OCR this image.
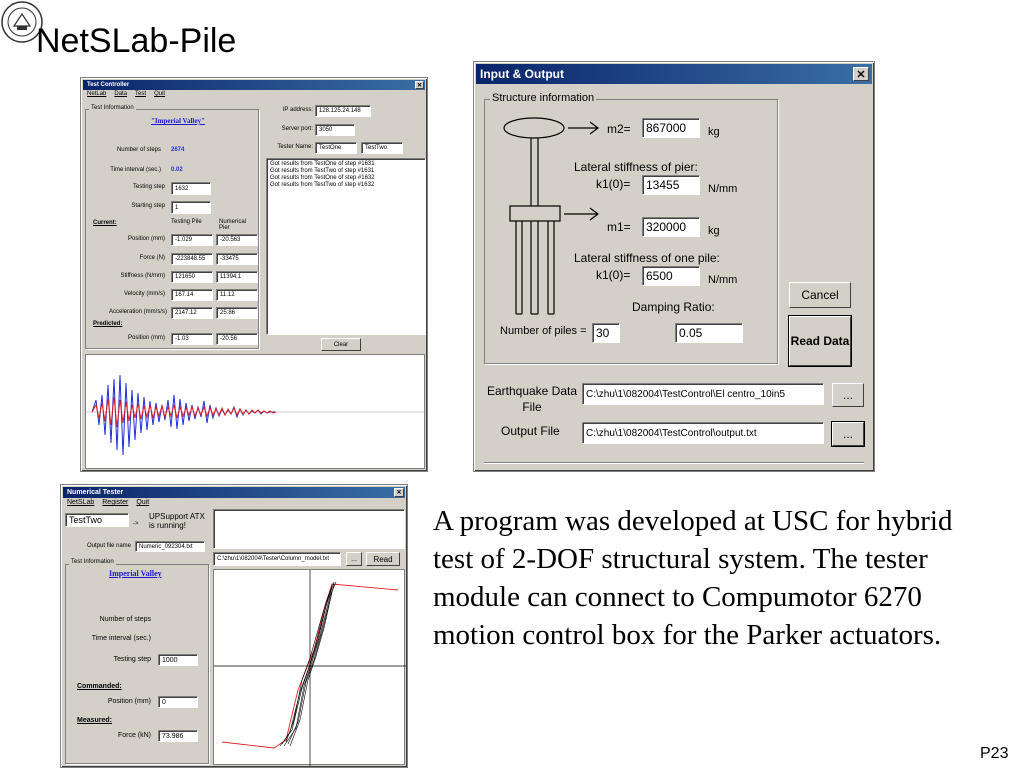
NetSLab-Pile
Test Controller	✕
NetLab Data Test Quit
Test Information
"Imperial Valley"
Number of steps 2674
Time interval (sec.) 0.02
Testing step	1632
Starting step	1
Current:	Testing Pile	Numerical Pier
Position (mm)	-1.029	-20.563
Force (N)	-223848.55	-33475
Stiffness (N/mm)	121650	11394.1
Velocity (mm/s)	167.14	11.12
Acceleration (mm/s/s)	2147.12	25.86
Predicted:
Position (mm)	-1.03	-20.56
IP address:	128.125.24.148
Server port:	3050
Tester Name:	TestOne	TestTwo
Got results from TestOne of step #1631
Got results from TestTwo of step #1631
Got results from TestOne of step #1632
Got results from TestTwo of step #1632
Clear
Input & Output	✕
Structure information
m2=	867000	kg
Lateral stiffness of pier:
k1(0)=	13455	N/mm
m1=	320000	kg
Lateral stiffness of one pile:
k1(0)=	6500	N/mm
Damping Ratio:
Number of piles = 30	0.05
Cancel
Read Data
Earthquake Data File
C:\zhu\1\082004\TestControl\El centro_10in5	...
Output File	C:\zhu\1\082004\TestControl\output.txt	...
Numerical Tester	✕
NetSLab Register Quit
TestTwo	->
UPSupport ATX is running!
Output file name	Numeric_092304.txt
C:\zhu\1\082004\Tester\Column_model.txt	...	Read
Test Information
Imperial Valley
Number of steps
Time interval (sec.)
Testing step	1000
Commanded:
Position (mm)	0
Measured:
Force (kN)	73.986
A program was developed at USC for hybrid test of 2-DOF structural system. The tester module can connect to Compumotor 6270 motion control box for the Parker actuators.
P23
